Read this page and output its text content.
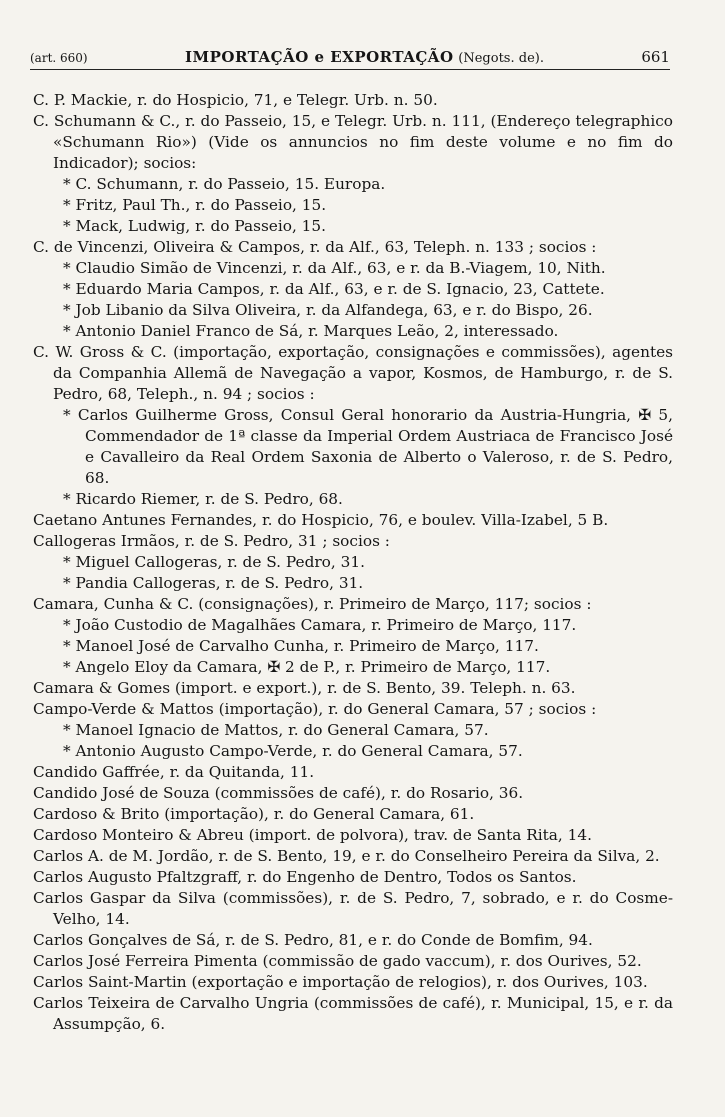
(art. 660)	IMPORTAÇÃO e EXPORTAÇÃO (Negots. de).	661
C. P. Mackie, r. do Hospicio, 71, e Telegr. Urb. n. 50.
C. Schumann & C., r. do Passeio, 15, e Telegr. Urb. n. 111, (Endereço telegraphico «Schumann Rio») (Vide os annuncios no fim deste volume e no fim do Indicador); socios:
* C. Schumann, r. do Passeio, 15. Europa.
* Fritz, Paul Th., r. do Passeio, 15.
* Mack, Ludwig, r. do Passeio, 15.
C. de Vincenzi, Oliveira & Campos, r. da Alf., 63, Teleph. n. 133 ; socios :
* Claudio Simão de Vincenzi, r. da Alf., 63, e r. da B.-Viagem, 10, Nith.
* Eduardo Maria Campos, r. da Alf., 63, e r. de S. Ignacio, 23, Cattete.
* Job Libanio da Silva Oliveira, r. da Alfandega, 63, e r. do Bispo, 26.
* Antonio Daniel Franco de Sá, r. Marques Leão, 2, interessado.
C. W. Gross & C. (importação, exportação, consignações e commissões), agentes da Companhia Allemã de Navegação a vapor, Kosmos, de Hamburgo, r. de S. Pedro, 68, Teleph., n. 94 ; socios :
* Carlos Guilherme Gross, Consul Geral honorario da Austria-Hungria, ✠ 5, Commendador de 1ª classe da Imperial Ordem Austriaca de Francisco José e Cavalleiro da Real Ordem Saxonia de Alberto o Valeroso, r. de S. Pedro, 68.
* Ricardo Riemer, r. de S. Pedro, 68.
Caetano Antunes Fernandes, r. do Hospicio, 76, e boulev. Villa-Izabel, 5 B.
Callogeras Irmãos, r. de S. Pedro, 31 ; socios :
* Miguel Callogeras, r. de S. Pedro, 31.
* Pandia Callogeras, r. de S. Pedro, 31.
Camara, Cunha & C. (consignações), r. Primeiro de Março, 117; socios :
* João Custodio de Magalhães Camara, r. Primeiro de Março, 117.
* Manoel José de Carvalho Cunha, r. Primeiro de Março, 117.
* Angelo Eloy da Camara, ✠ 2 de P., r. Primeiro de Março, 117.
Camara & Gomes (import. e export.), r. de S. Bento, 39. Teleph. n. 63.
Campo-Verde & Mattos (importação), r. do General Camara, 57 ; socios :
* Manoel Ignacio de Mattos, r. do General Camara, 57.
* Antonio Augusto Campo-Verde, r. do General Camara, 57.
Candido Gaffrée, r. da Quitanda, 11.
Candido José de Souza (commissões de café), r. do Rosario, 36.
Cardoso & Brito (importação), r. do General Camara, 61.
Cardoso Monteiro & Abreu (import. de polvora), trav. de Santa Rita, 14.
Carlos A. de M. Jordão, r. de S. Bento, 19, e r. do Conselheiro Pereira da Silva, 2.
Carlos Augusto Pfaltzgraff, r. do Engenho de Dentro, Todos os Santos.
Carlos Gaspar da Silva (commissões), r. de S. Pedro, 7, sobrado, e r. do Cosme-Velho, 14.
Carlos Gonçalves de Sá, r. de S. Pedro, 81, e r. do Conde de Bomfim, 94.
Carlos José Ferreira Pimenta (commissão de gado vaccum), r. dos Ourives, 52.
Carlos Saint-Martin (exportação e importação de relogios), r. dos Ourives, 103.
Carlos Teixeira de Carvalho Ungria (commissões de café), r. Municipal, 15, e r. da Assumpção, 6.
